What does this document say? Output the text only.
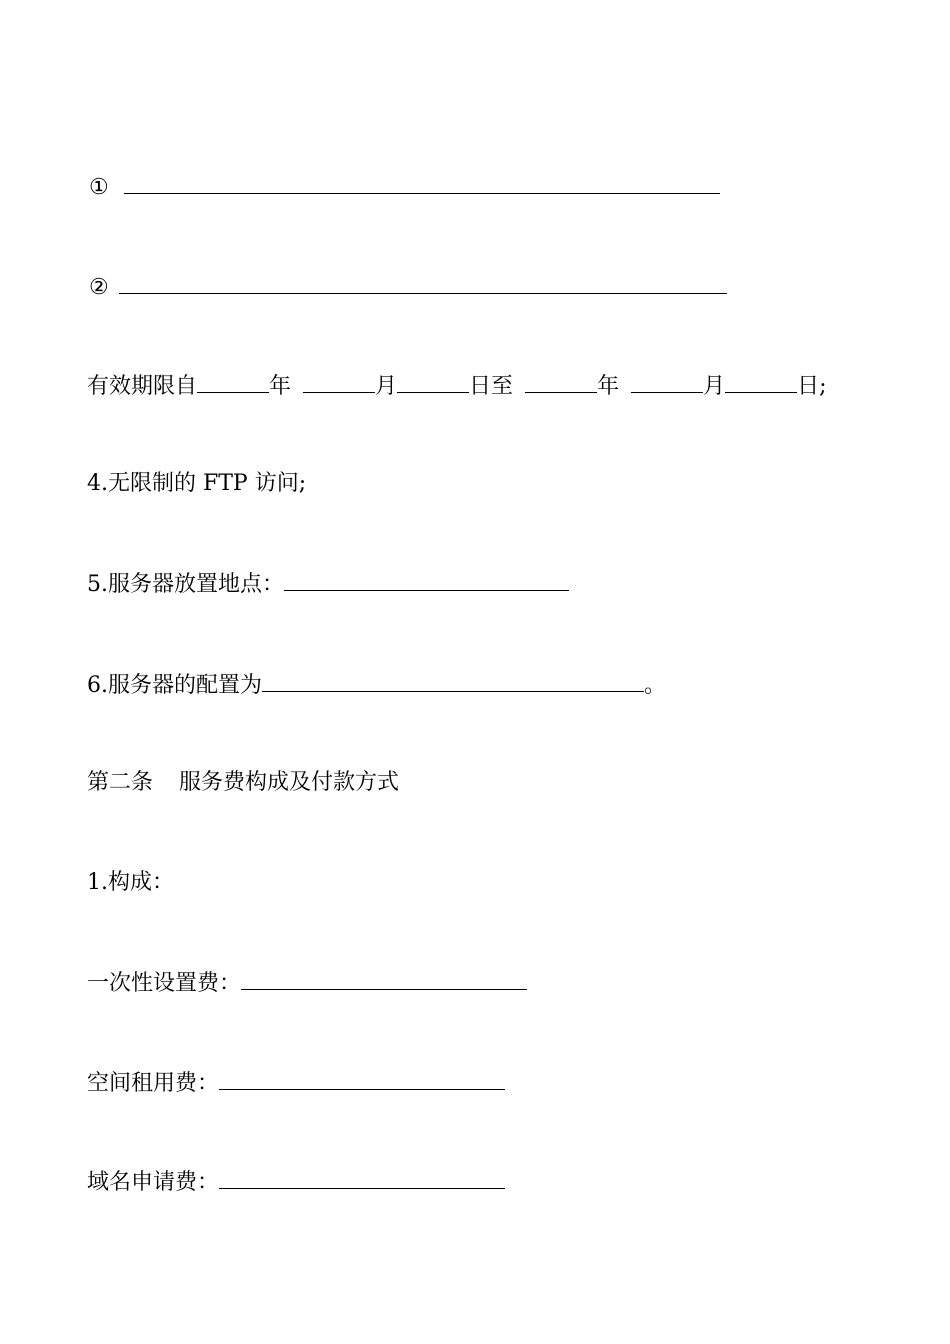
①
②
有效期限自	年	月	日至	年	月	日;
4.无限制的 FTP 访问;
5.服务器放置地点：
6.服务器的配置为	。
第二条 服务费构成及付款方式
1.构成：
一次性设置费：
空间租用费：
域名申请费：
